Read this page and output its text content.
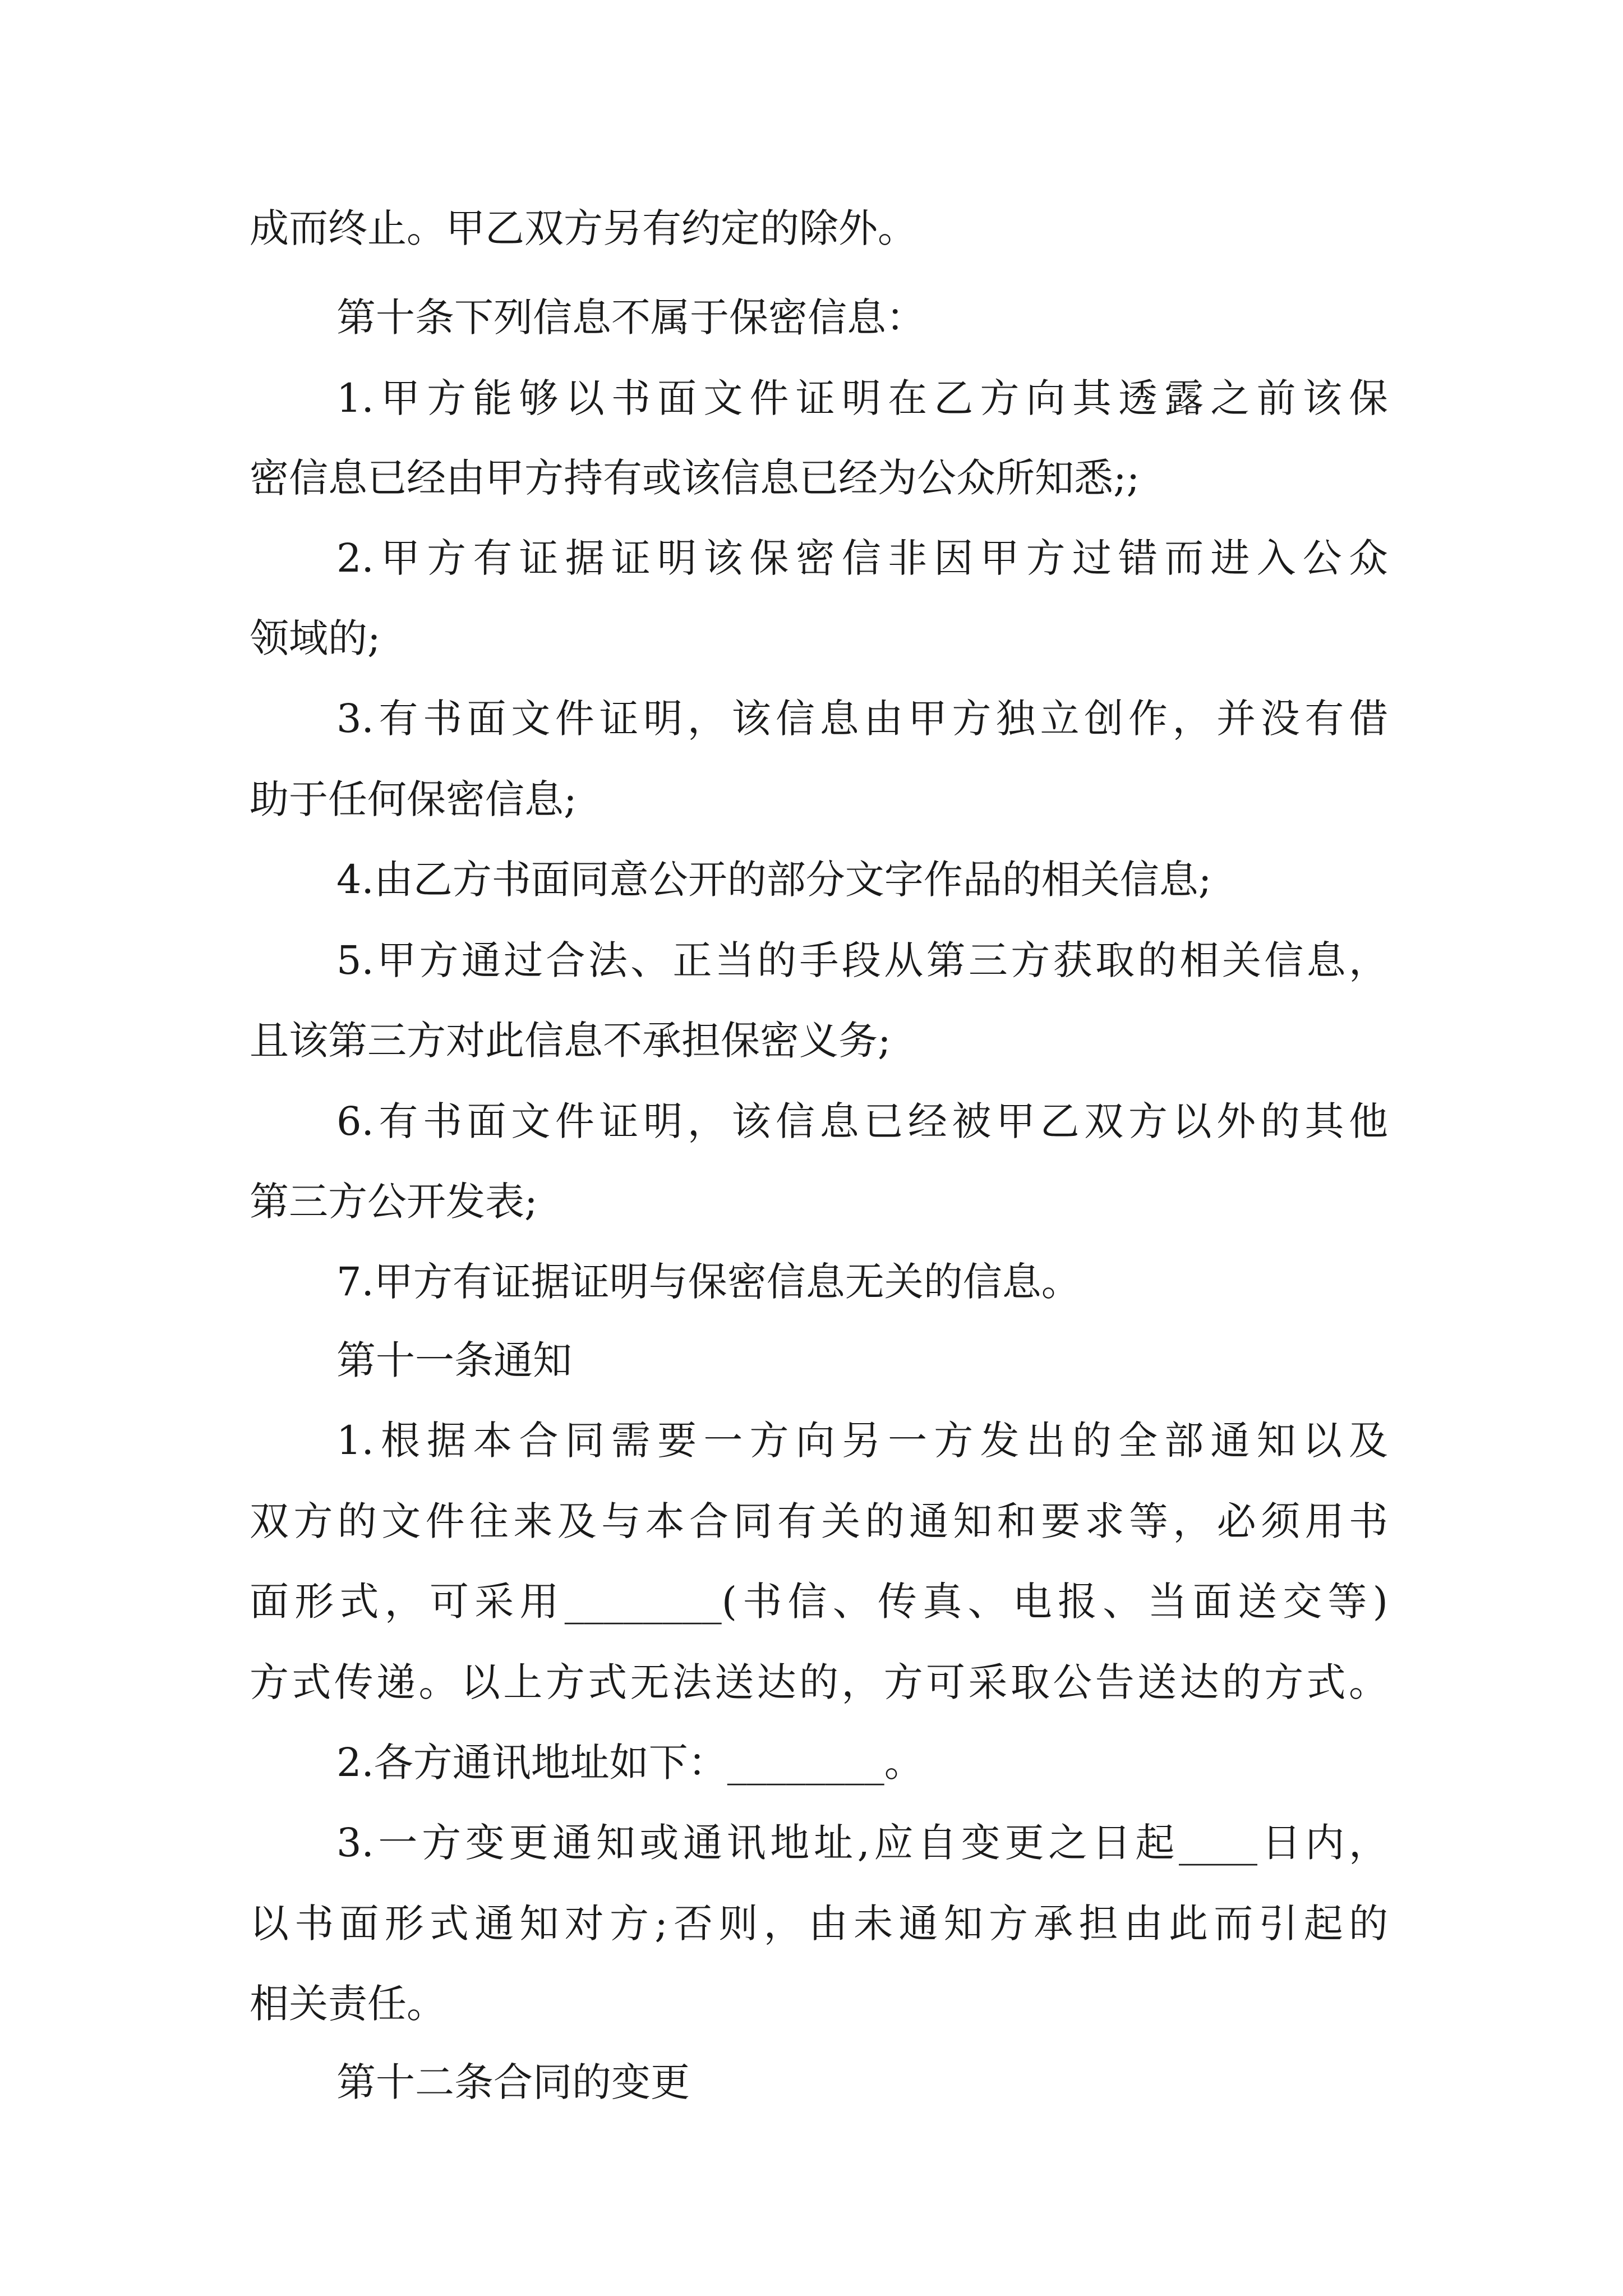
成而终止。甲乙双方另有约定的除外。
第十条下列信息不属于保密信息：
1.甲方能够以书面文件证明在乙方向其透露之前该保
密信息已经由甲方持有或该信息已经为公众所知悉;;
2.甲方有证据证明该保密信非因甲方过错而进入公众
领域的;
3.有书面文件证明，该信息由甲方独立创作，并没有借
助于任何保密信息;
4.由乙方书面同意公开的部分文字作品的相关信息;
5.甲方通过合法、正当的手段从第三方获取的相关信息，
且该第三方对此信息不承担保密义务;
6.有书面文件证明，该信息已经被甲乙双方以外的其他
第三方公开发表;
7.甲方有证据证明与保密信息无关的信息。
第十一条通知
1.根据本合同需要一方向另一方发出的全部通知以及
双方的文件往来及与本合同有关的通知和要求等，必须用书
面形式，可采用________(书信、传真、电报、当面送交等)
方式传递。以上方式无法送达的，方可采取公告送达的方式。
2.各方通讯地址如下：________。
3.一方变更通知或通讯地址,应自变更之日起____日内，
以书面形式通知对方;否则，由未通知方承担由此而引起的
相关责任。
第十二条合同的变更
